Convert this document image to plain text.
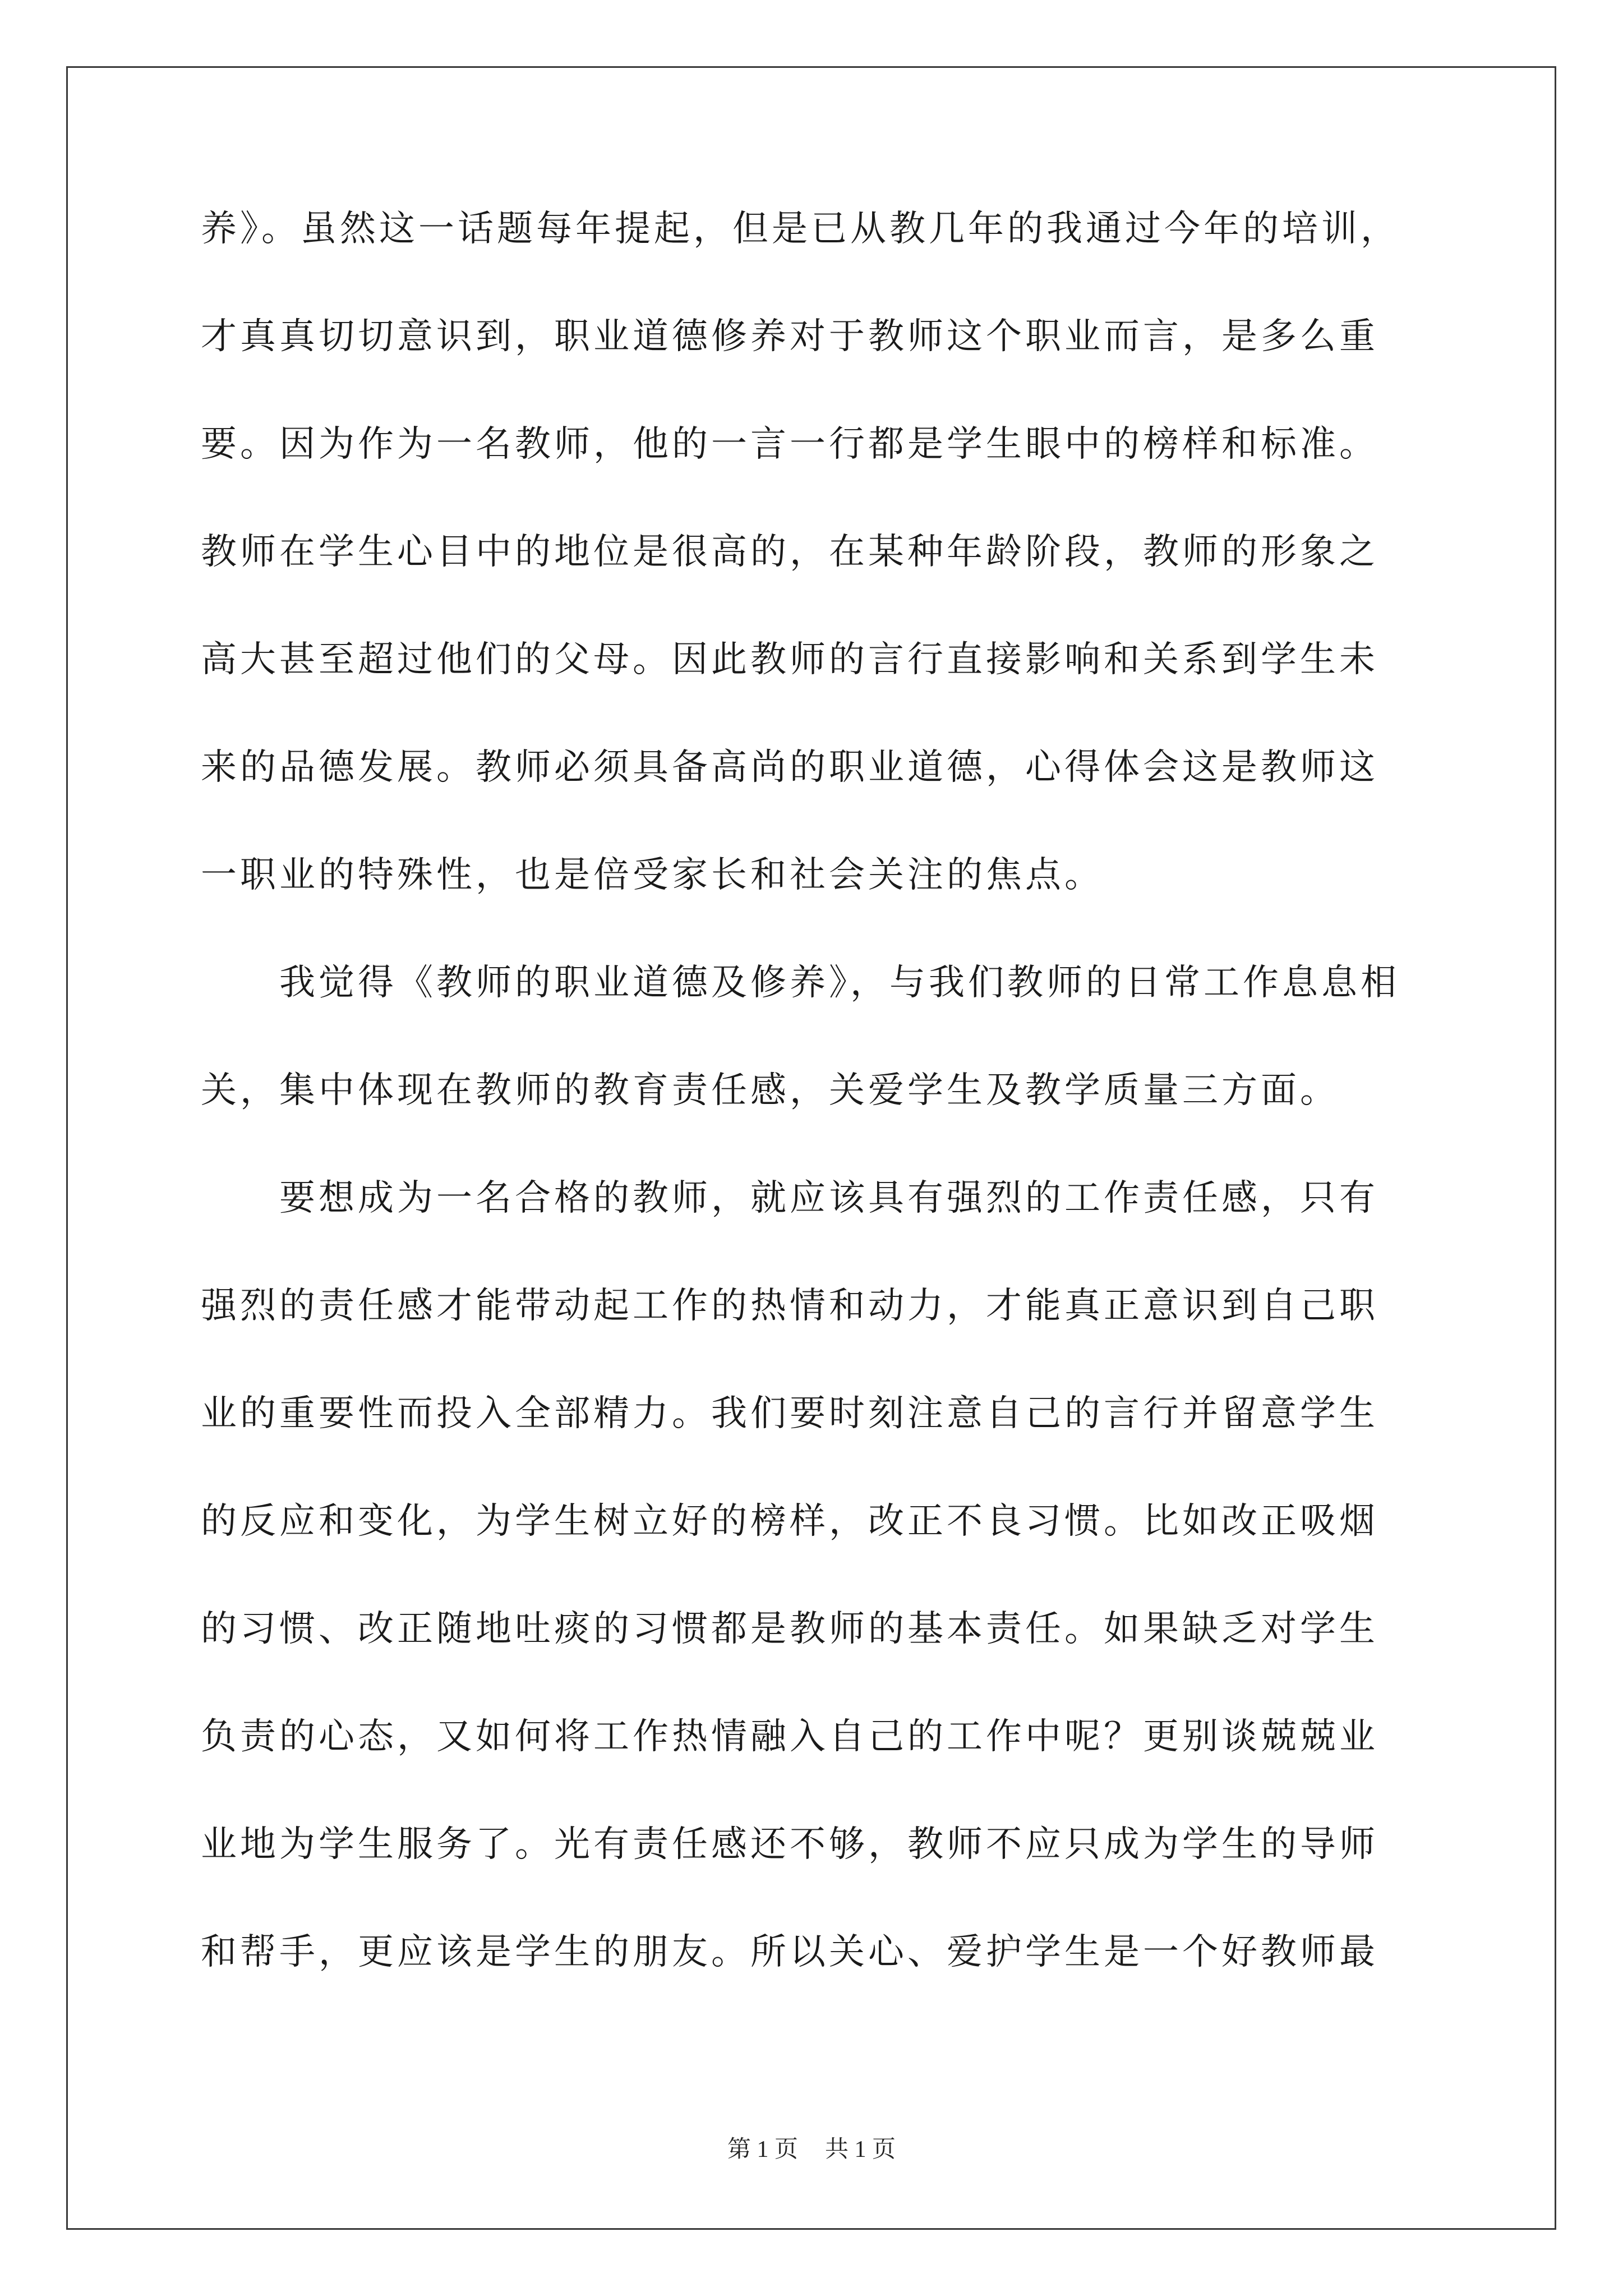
养》。虽然这一话题每年提起，但是已从教几年的我通过今年的培训，
才真真切切意识到，职业道德修养对于教师这个职业而言，是多么重
要。因为作为一名教师，他的一言一行都是学生眼中的榜样和标准。
教师在学生心目中的地位是很高的，在某种年龄阶段，教师的形象之
高大甚至超过他们的父母。因此教师的言行直接影响和关系到学生未
来的品德发展。教师必须具备高尚的职业道德，心得体会这是教师这
一职业的特殊性，也是倍受家长和社会关注的焦点。
我觉得《教师的职业道德及修养》，与我们教师的日常工作息息相
关，集中体现在教师的教育责任感，关爱学生及教学质量三方面。
要想成为一名合格的教师，就应该具有强烈的工作责任感，只有
强烈的责任感才能带动起工作的热情和动力，才能真正意识到自己职
业的重要性而投入全部精力。我们要时刻注意自己的言行并留意学生
的反应和变化，为学生树立好的榜样，改正不良习惯。比如改正吸烟
的习惯、改正随地吐痰的习惯都是教师的基本责任。如果缺乏对学生
负责的心态，又如何将工作热情融入自己的工作中呢？更别谈兢兢业
业地为学生服务了。光有责任感还不够，教师不应只成为学生的导师
和帮手，更应该是学生的朋友。所以关心、爱护学生是一个好教师最
第 1 页 共 1 页
